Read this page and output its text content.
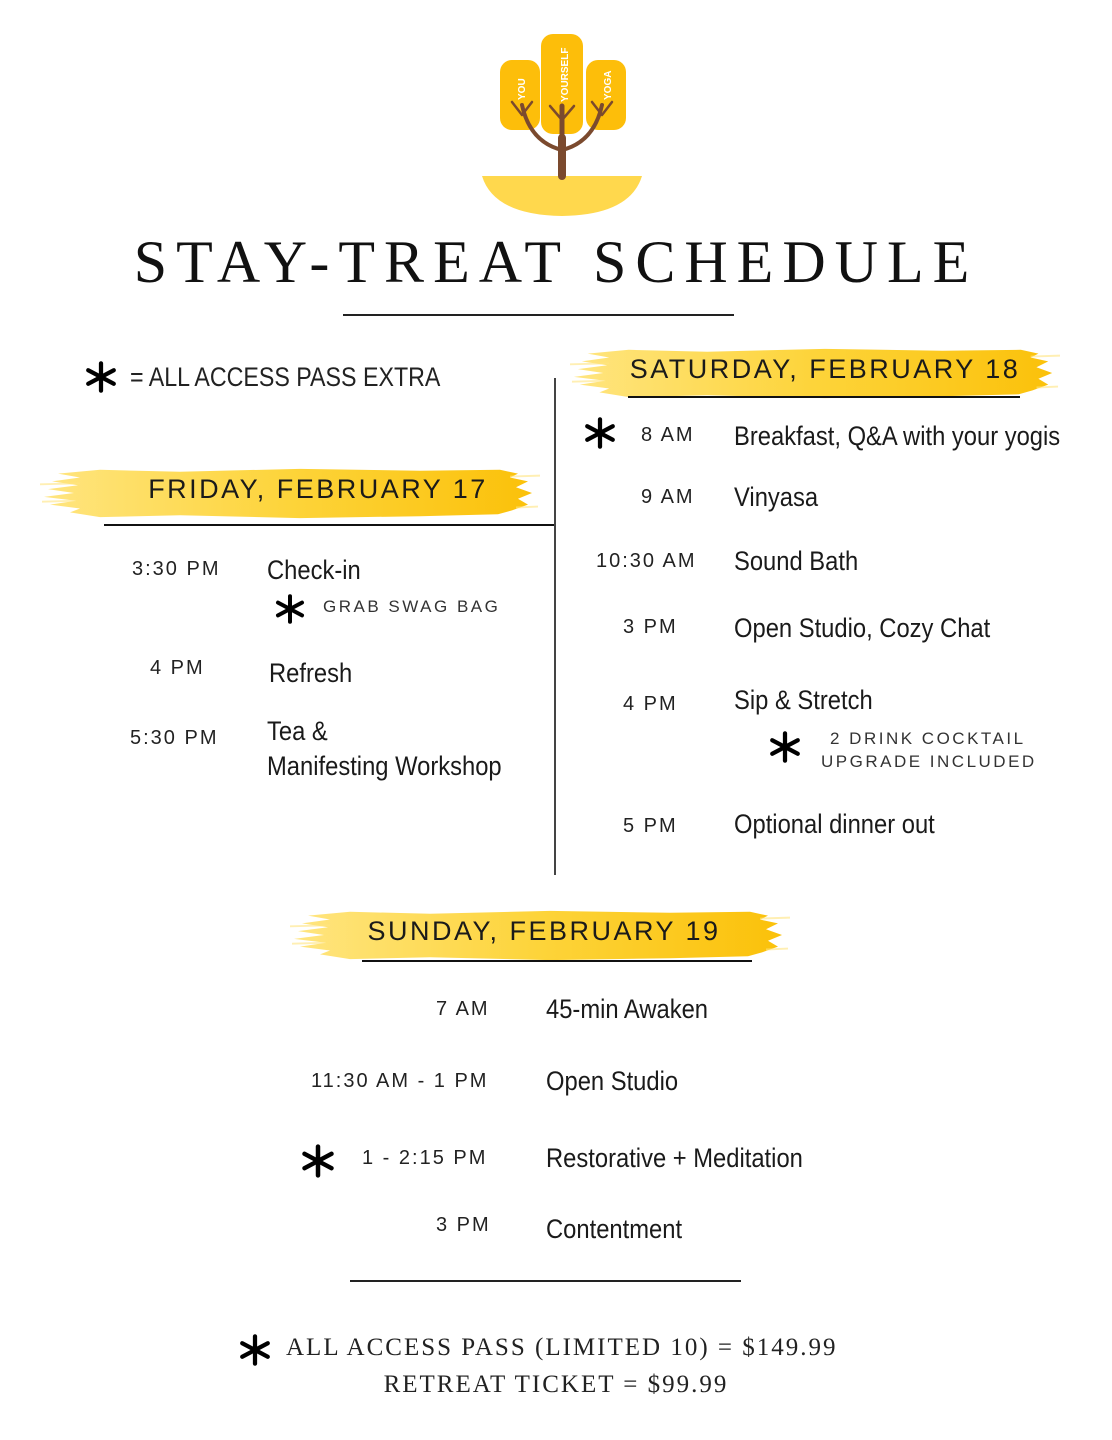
YOU	YOURSELF	YOGA
STAY-TREAT SCHEDULE
= ALL ACCESS PASS EXTRA
FRIDAY, FEBRUARY 17
3:30 PM Check-in
GRAB SWAG BAG
4 PM Refresh
5:30 PM Tea &
Manifesting Workshop
SATURDAY, FEBRUARY 18
8 AM Breakfast, Q&A with your yogis
9 AM Vinyasa
10:30 AM Sound Bath
3 PM Open Studio, Cozy Chat
4 PM Sip & Stretch
2 DRINK COCKTAIL
UPGRADE INCLUDED
5 PM Optional dinner out
SUNDAY, FEBRUARY 19
7 AM 45-min Awaken
11:30 AM - 1 PM Open Studio
1 - 2:15 PM Restorative + Meditation
3 PM Contentment
ALL ACCESS PASS (LIMITED 10) = $149.99
RETREAT TICKET = $99.99
